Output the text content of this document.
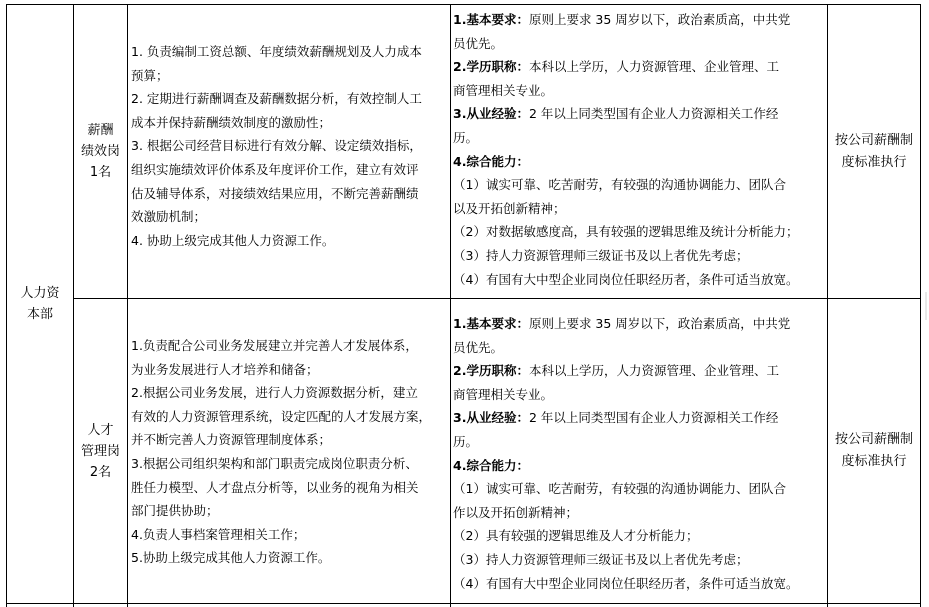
人力资本部
薪酬
绩效岗
1名
1. 负责编制工资总额、年度绩效薪酬规划及人力成本
预算；
2. 定期进行薪酬调查及薪酬数据分析，有效控制人工
成本并保持薪酬绩效制度的激励性；
3. 根据公司经营目标进行有效分解、设定绩效指标，
组织实施绩效评价体系及年度评价工作，建立有效评
估及辅导体系，对接绩效结果应用，不断完善薪酬绩
效激励机制；
4. 协助上级完成其他人力资源工作。
1.基本要求：原则上要求 35 周岁以下，政治素质高，中共党
员优先。
2.学历职称：本科以上学历，人力资源管理、企业管理、工
商管理相关专业。
3.从业经验：2 年以上同类型国有企业人力资源相关工作经
历。
4.综合能力：
（1）诚实可靠、吃苦耐劳，有较强的沟通协调能力、团队合
以及开拓创新精神；
（2）对数据敏感度高，具有较强的逻辑思维及统计分析能力；
（3）持人力资源管理师三级证书及以上者优先考虑；
（4）有国有大中型企业同岗位任职经历者，条件可适当放宽。
按公司薪酬制
度标准执行
人才
管理岗
2名
1.负责配合公司业务发展建立并完善人才发展体系，
为业务发展进行人才培养和储备；
2.根据公司业务发展，进行人力资源数据分析，建立
有效的人力资源管理系统，设定匹配的人才发展方案，
并不断完善人力资源管理制度体系；
3.根据公司组织架构和部门职责完成岗位职责分析、
胜任力模型、人才盘点分析等，以业务的视角为相关
部门提供协助；
4.负责人事档案管理相关工作；
5.协助上级完成其他人力资源工作。
1.基本要求：原则上要求 35 周岁以下，政治素质高，中共党
员优先。
2.学历职称：本科以上学历，人力资源管理、企业管理、工
商管理相关专业。
3.从业经验：2 年以上同类型国有企业人力资源相关工作经
历。
4.综合能力：
（1）诚实可靠、吃苦耐劳，有较强的沟通协调能力、团队合
作以及开拓创新精神；
（2）具有较强的逻辑思维及人才分析能力；
（3）持人力资源管理师三级证书及以上者优先考虑；
（4）有国有大中型企业同岗位任职经历者，条件可适当放宽。
按公司薪酬制
度标准执行
